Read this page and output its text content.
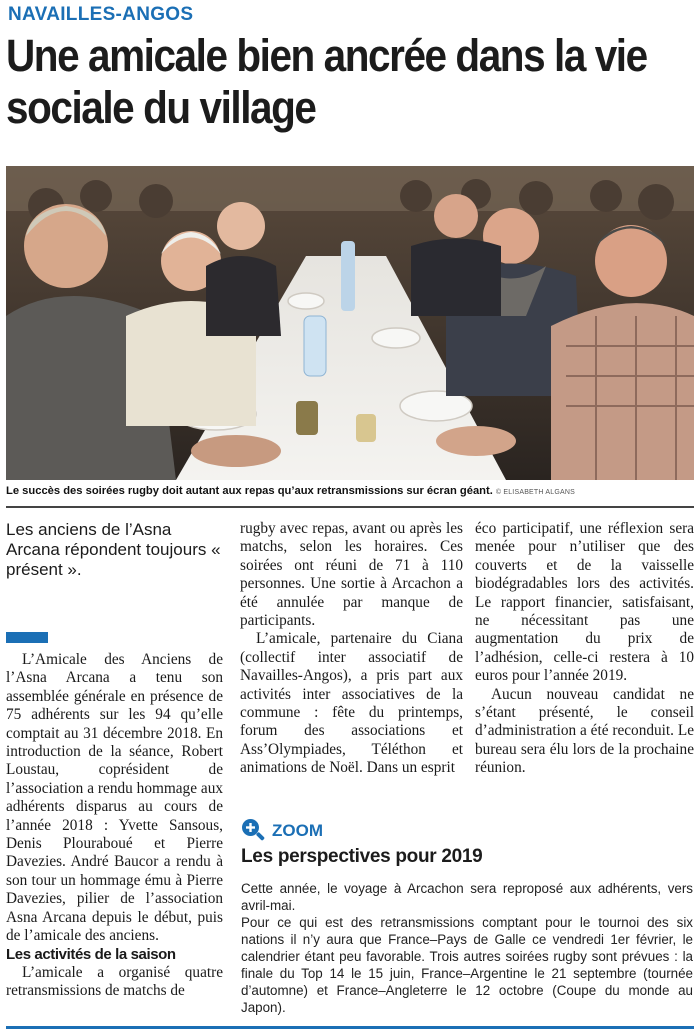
NAVAILLES-ANGOS
Une amicale bien ancrée dans la vie
sociale du village
Le succès des soirées rugby doit autant aux repas qu’aux retransmissions sur écran géant. © ELISABETH ALGANS

Les anciens de l’Asna Arcana répondent toujours « présent ».

L’Amicale des Anciens de l’Asna Arcana a tenu son assemblée générale en présence de 75 adhérents sur les 94 qu’elle comptait au 31 décembre 2018. En introduction de la séance, Robert Loustau, coprésident de l’association a rendu hommage aux adhérents disparus au cours de l’année 2018 : Yvette Sansous, Denis Plouraboué et Pierre Davezies. André Baucor a rendu à son tour un hommage ému à Pierre Davezies, pilier de l’association Asna Arcana depuis le début, puis de l’amicale des anciens.

Les activités de la saison

L’amicale a organisé quatre retransmissions de matchs de

rugby avec repas, avant ou après les matchs, selon les horaires. Ces soirées ont réuni de 71 à 110 personnes. Une sortie à Arcachon a été annulée par manque de participants.

L’amicale, partenaire du Ciana (collectif inter associatif de Navailles-Angos), a pris part aux activités inter associatives de la commune : fête du printemps, forum des associations et Ass’Olympiades, Téléthon et animations de Noël. Dans un esprit

éco participatif, une réflexion sera menée pour n’utiliser que des couverts et de la vaisselle biodégradables lors des activités. Le rapport financier, satisfaisant, ne nécessitant pas une augmentation du prix de l’adhésion, celle-ci restera à 10 euros pour l’année 2019.

Aucun nouveau candidat ne s’étant présenté, le conseil d’administration a été reconduit. Le bureau sera élu lors de la prochaine réunion.

ZOOM
Les perspectives pour 2019

Cette année, le voyage à Arcachon sera reproposé aux adhérents, vers avril-mai.

Pour ce qui est des retransmissions comptant pour le tournoi des six nations il n’y aura que France–Pays de Galle ce vendredi 1er février, le calendrier étant peu favorable. Trois autres soirées rugby sont prévues : la finale du Top 14 le 15 juin, France–Argentine le 21 septembre (tournée d’automne) et France–Angleterre le 12 octobre (Coupe du monde au Japon).
